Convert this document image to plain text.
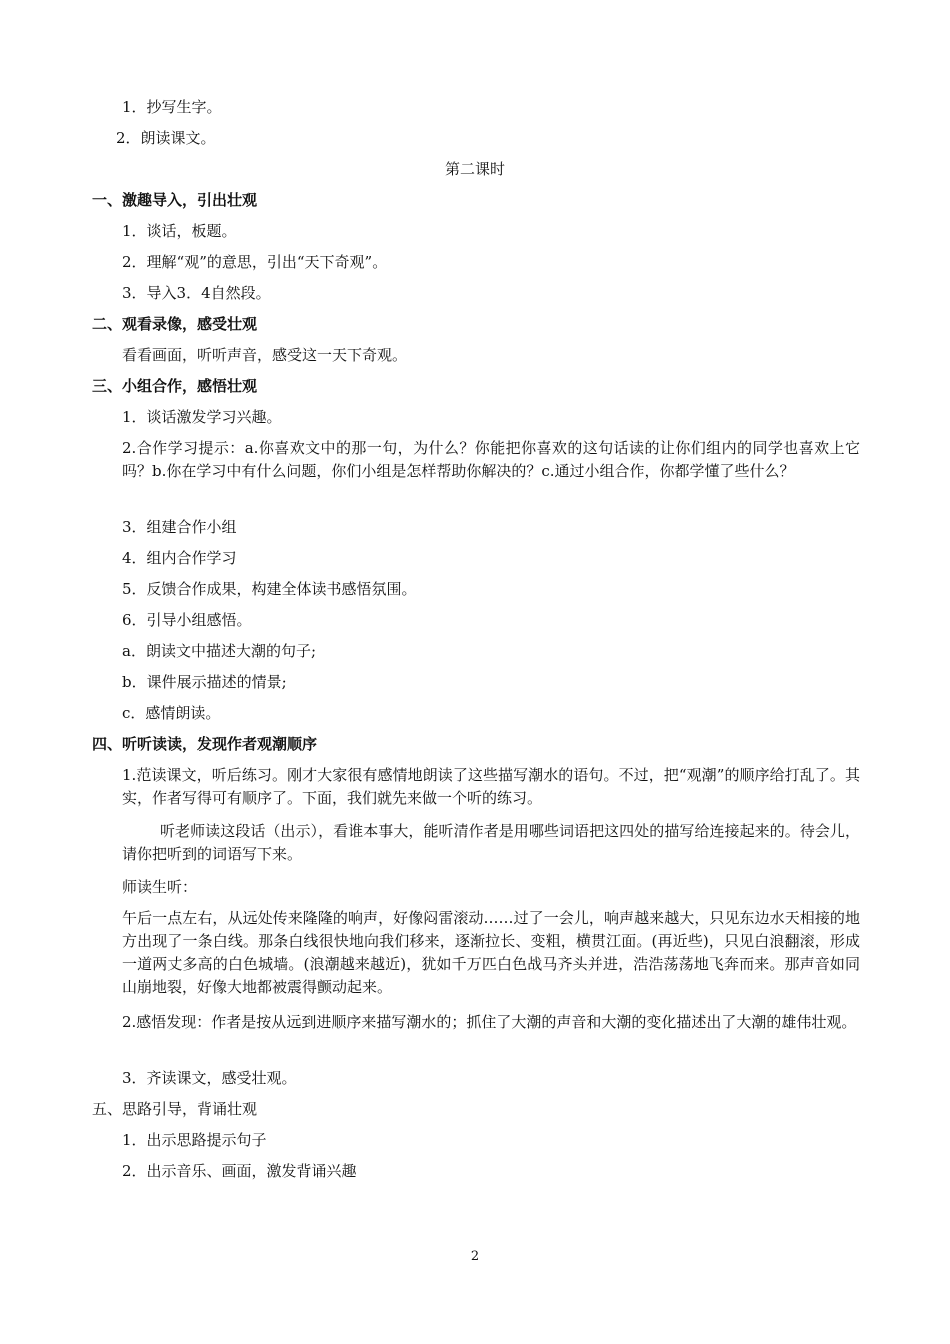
1．抄写生字。
2．朗读课文。
第二课时
一、激趣导入，引出壮观
1．谈话，板题。
2．理解“观”的意思，引出“天下奇观”。
3．导入3．4自然段。
二、观看录像，感受壮观
看看画面，听听声音，感受这一天下奇观。
三、小组合作，感悟壮观
1．谈话激发学习兴趣。
2.合作学习提示：a.你喜欢文中的那一句，为什么？你能把你喜欢的这句话读的让你们组内的同学也喜欢上它吗？b.你在学习中有什么问题，你们小组是怎样帮助你解决的？c.通过小组合作，你都学懂了些什么？
3．组建合作小组
4．组内合作学习
5．反馈合作成果，构建全体读书感悟氛围。
6．引导小组感悟。
a．朗读文中描述大潮的句子;
b．课件展示描述的情景;
c．感情朗读。
四、听听读读，发现作者观潮顺序
1.范读课文，听后练习。刚才大家很有感情地朗读了这些描写潮水的语句。不过，把“观潮”的顺序给打乱了。其实，作者写得可有顺序了。下面，我们就先来做一个听的练习。
听老师读这段话（出示），看谁本事大，能听清作者是用哪些词语把这四处的描写给连接起来的。待会儿，请你把听到的词语写下来。
师读生听：
午后一点左右，从远处传来隆隆的响声，好像闷雷滚动……过了一会儿，响声越来越大，只见东边水天相接的地方出现了一条白线。那条白线很快地向我们移来，逐渐拉长、变粗，横贯江面。(再近些)，只见白浪翻滚，形成一道两丈多高的白色城墙。(浪潮越来越近)，犹如千万匹白色战马齐头并进，浩浩荡荡地飞奔而来。那声音如同山崩地裂，好像大地都被震得颤动起来。
2.感悟发现：作者是按从远到进顺序来描写潮水的；抓住了大潮的声音和大潮的变化描述出了大潮的雄伟壮观。
3．齐读课文，感受壮观。
五、思路引导，背诵壮观
1．出示思路提示句子
2．出示音乐、画面，激发背诵兴趣
2
